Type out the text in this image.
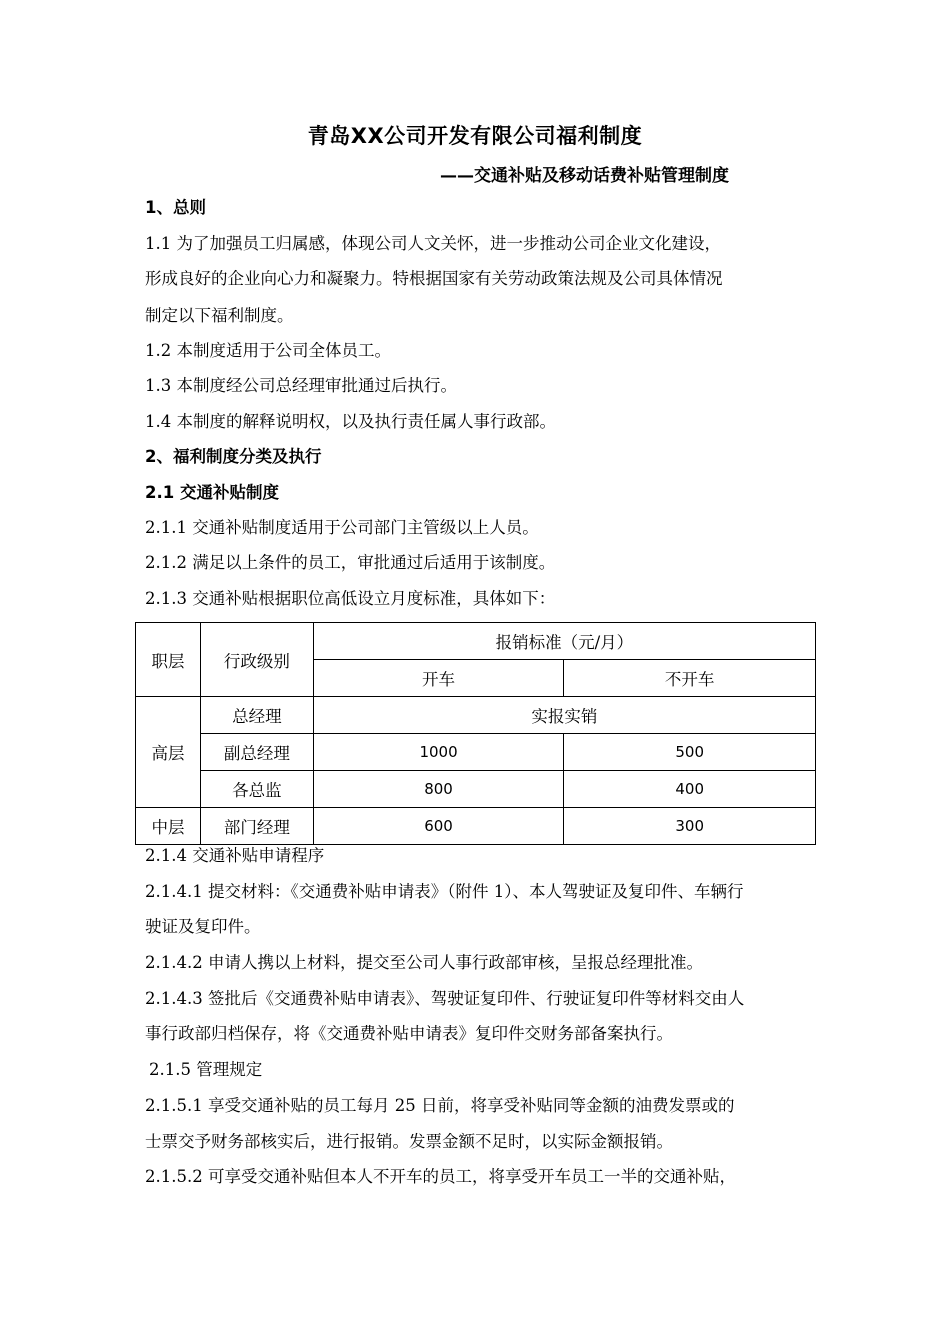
青岛XX公司开发有限公司福利制度
——交通补贴及移动话费补贴管理制度
1、总则
1.1 为了加强员工归属感，体现公司人文关怀，进一步推动公司企业文化建设，
形成良好的企业向心力和凝聚力。特根据国家有关劳动政策法规及公司具体情况
制定以下福利制度。
1.2 本制度适用于公司全体员工。
1.3 本制度经公司总经理审批通过后执行。
1.4 本制度的解释说明权，以及执行责任属人事行政部。
2、福利制度分类及执行
2.1 交通补贴制度
2.1.1 交通补贴制度适用于公司部门主管级以上人员。
2.1.2 满足以上条件的员工，审批通过后适用于该制度。
2.1.3 交通补贴根据职位高低设立月度标准，具体如下：
职层	行政级别	报销标准（元/月）	
		开车	不开车
高层	总经理	实报实销	
	副总经理	1000	500
	各总监	800	400
中层	部门经理	600	300
2.1.4 交通补贴申请程序
2.1.4.1 提交材料：《交通费补贴申请表》（附件 1）、本人驾驶证及复印件、车辆行
驶证及复印件。
2.1.4.2 申请人携以上材料，提交至公司人事行政部审核，呈报总经理批准。
2.1.4.3 签批后《交通费补贴申请表》、驾驶证复印件、行驶证复印件等材料交由人
事行政部归档保存，将《交通费补贴申请表》复印件交财务部备案执行。
2.1.5 管理规定
2.1.5.1 享受交通补贴的员工每月 25 日前，将享受补贴同等金额的油费发票或的
士票交予财务部核实后，进行报销。发票金额不足时，以实际金额报销。
2.1.5.2 可享受交通补贴但本人不开车的员工，将享受开车员工一半的交通补贴，
